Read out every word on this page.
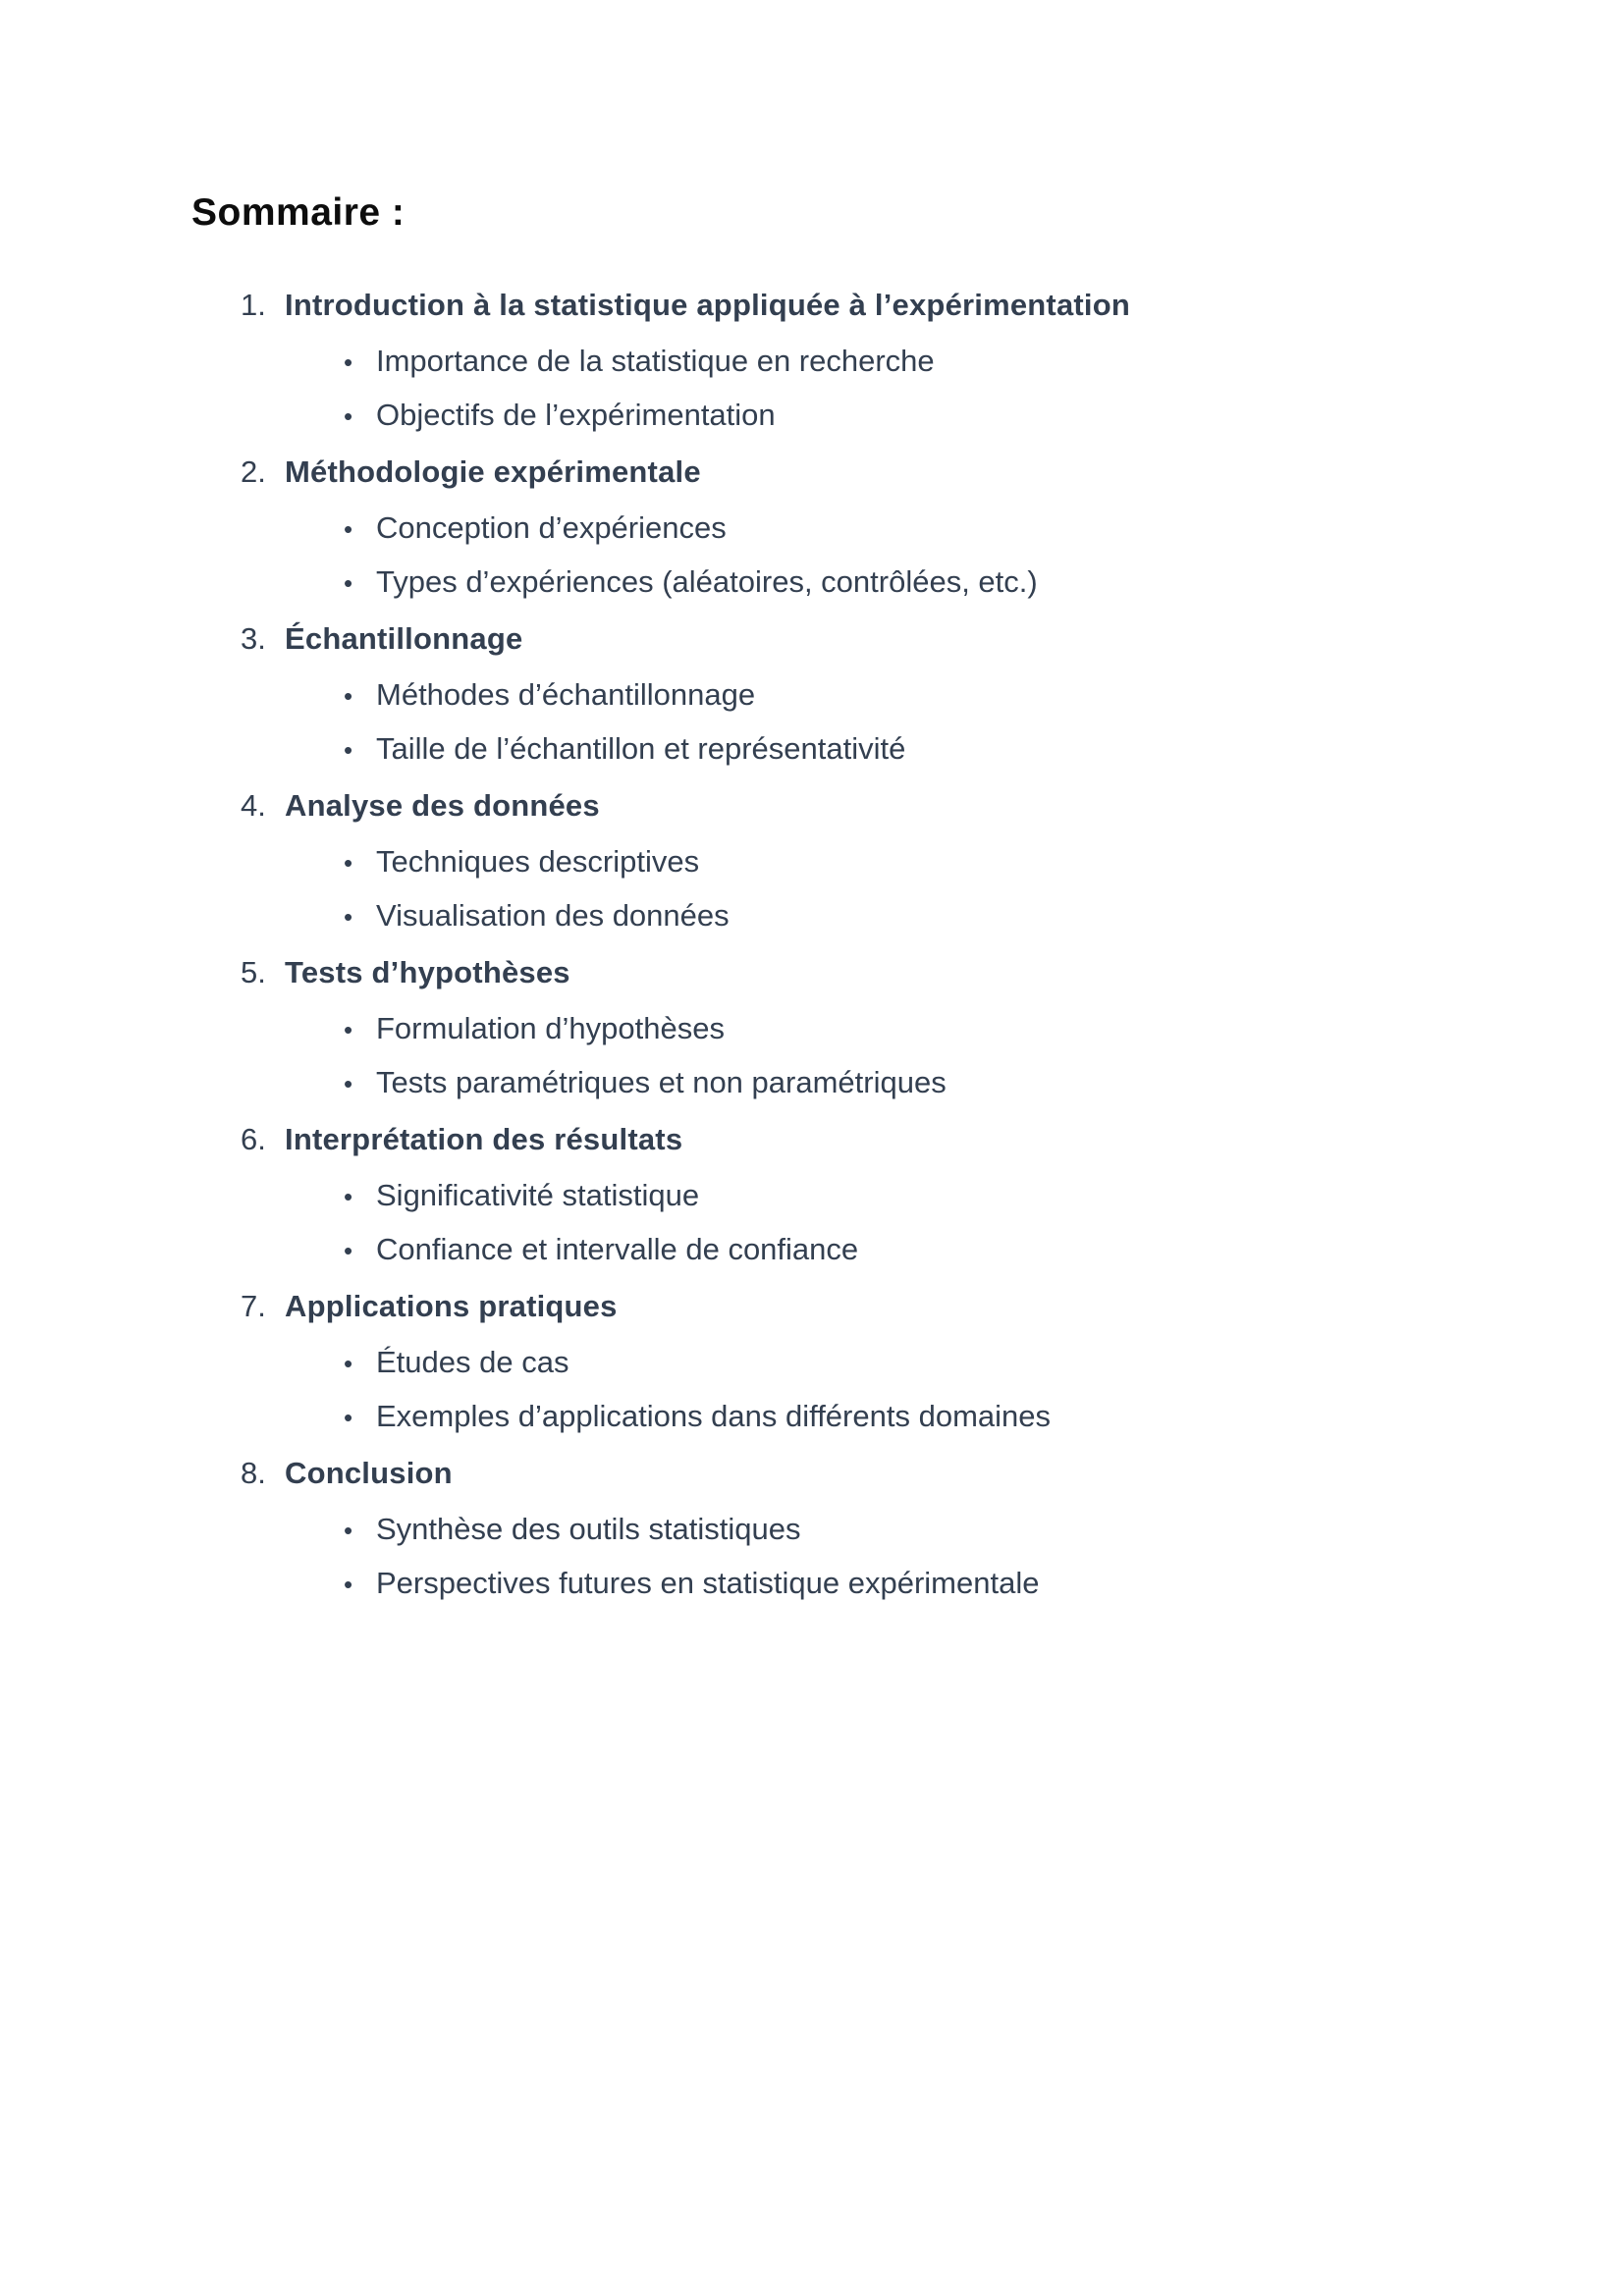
Sommaire :
1. Introduction à la statistique appliquée à l’expérimentation
• Importance de la statistique en recherche
• Objectifs de l’expérimentation
2. Méthodologie expérimentale
• Conception d’expériences
• Types d’expériences (aléatoires, contrôlées, etc.)
3. Échantillonnage
• Méthodes d’échantillonnage
• Taille de l’échantillon et représentativité
4. Analyse des données
• Techniques descriptives
• Visualisation des données
5. Tests d’hypothèses
• Formulation d’hypothèses
• Tests paramétriques et non paramétriques
6. Interprétation des résultats
• Significativité statistique
• Confiance et intervalle de confiance
7. Applications pratiques
• Études de cas
• Exemples d’applications dans différents domaines
8. Conclusion
• Synthèse des outils statistiques
• Perspectives futures en statistique expérimentale
